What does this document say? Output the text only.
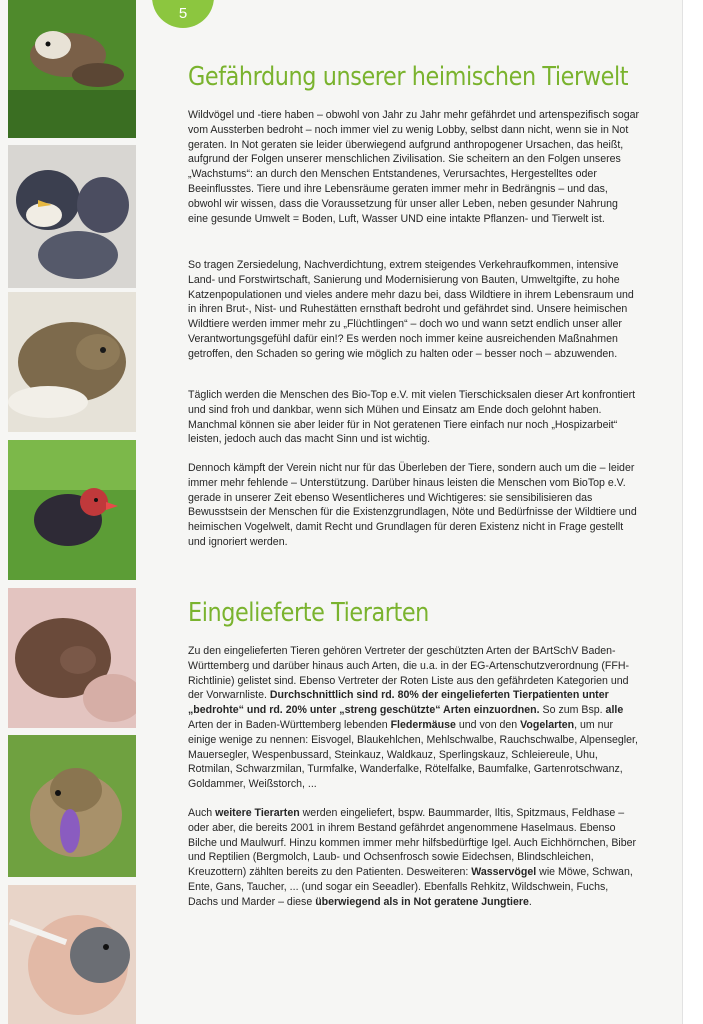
5
Gefährdung unserer heimischen Tierwelt

Wildvögel und -tiere haben – obwohl von Jahr zu Jahr mehr gefährdet und artenspezifisch sogar vom Aussterben bedroht – noch immer viel zu wenig Lobby, selbst dann nicht, wenn sie in Not geraten. In Not geraten sie leider überwiegend aufgrund anthropogener Ursachen, das heißt, aufgrund der Folgen unserer menschlichen Zivilisation. Sie scheitern an den Folgen unseres „Wachstums“: an durch den Menschen Entstandenes, Verursachtes, Hergestelltes oder Beeinflusstes. Tiere und ihre Lebensräume geraten immer mehr in Bedrängnis – und das, obwohl wir wissen, dass die Voraussetzung für unser aller Leben, neben gesunder Nahrung eine gesunde Umwelt = Boden, Luft, Wasser UND eine intakte Pflanzen- und Tierwelt ist.

So tragen Zersiedelung, Nachverdichtung, extrem steigendes Verkehraufkommen, intensive Land- und Forstwirtschaft, Sanierung und Modernisierung von Bauten, Umweltgifte, zu hohe Katzenpopulationen und vieles andere mehr dazu bei, dass Wildtiere in ihrem Lebensraum und in ihren Brut-, Nist- und Ruhestätten ernsthaft bedroht und gefährdet sind. Unsere heimischen Wildtiere werden immer mehr zu „Flüchtlingen“ – doch wo und wann setzt endlich unser aller Verantwortungsgefühl dafür ein!? Es werden noch immer keine ausreichenden Maßnahmen getroffen, den Schaden so gering wie möglich zu halten oder – besser noch – abzuwenden.

Täglich werden die Menschen des Bio-Top e.V. mit vielen Tierschicksalen dieser Art konfrontiert und sind froh und dankbar, wenn sich Mühen und Einsatz am Ende doch gelohnt haben. Manchmal können sie aber leider für in Not geratenen Tiere einfach nur noch „Hospizarbeit“ leisten, jedoch auch das macht Sinn und ist wichtig.

Dennoch kämpft der Verein nicht nur für das Überleben der Tiere, sondern auch um die – leider immer mehr fehlende – Unterstützung. Darüber hinaus leisten die Menschen vom BioTop e.V. gerade in unserer Zeit ebenso Wesentlicheres und Wichtigeres: sie sensibilisieren das Bewusstsein der Menschen für die Existenzgrundlagen, Nöte und Bedürfnisse der Wildtiere und heimischen Vogelwelt, damit Recht und Grundlagen für deren Existenz nicht in Frage gestellt und ignoriert werden.

Eingelieferte Tierarten

Zu den eingelieferten Tieren gehören Vertreter der geschützten Arten der BArtSchV Baden-Württemberg und darüber hinaus auch Arten, die u.a. in der EG-Artenschutzverordnung (FFH-Richtlinie) gelistet sind. Ebenso Vertreter der Roten Liste aus den gefährdeten Kategorien und der Vorwarnliste. Durchschnittlich sind rd. 80% der eingelieferten Tierpatienten unter „bedrohte“ und rd. 20% unter „streng geschützte“ Arten einzuordnen. So zum Bsp. alle Arten der in Baden-Württemberg lebenden Fledermäuse und von den Vogelarten, um nur einige wenige zu nennen: Eisvogel, Blaukehlchen, Mehlschwalbe, Rauchschwalbe, Alpensegler, Mauersegler, Wespenbussard, Steinkauz, Waldkauz, Sperlingskauz, Schleiereule, Uhu, Rotmilan, Schwarzmilan, Turmfalke, Wanderfalke, Rötelfalke, Baumfalke, Gartenrotschwanz, Goldammer, Weißstorch, ...

Auch weitere Tierarten werden eingeliefert, bspw. Baummarder, Iltis, Spitzmaus, Feldhase – oder aber, die bereits 2001 in ihrem Bestand gefährdet angenommene Haselmaus. Ebenso Bilche und Maulwurf. Hinzu kommen immer mehr hilfsbedürftige Igel. Auch Eichhörnchen, Biber und Reptilien (Bergmolch, Laub- und Ochsenfrosch sowie Eidechsen, Blindschleichen, Kreuzottern) zählten bereits zu den Patienten. Desweiteren: Wasservögel wie Möwe, Schwan, Ente, Gans, Taucher, ... (und sogar ein Seeadler). Ebenfalls Rehkitz, Wildschwein, Fuchs, Dachs und Marder – diese überwiegend als in Not geratene Jungtiere.
